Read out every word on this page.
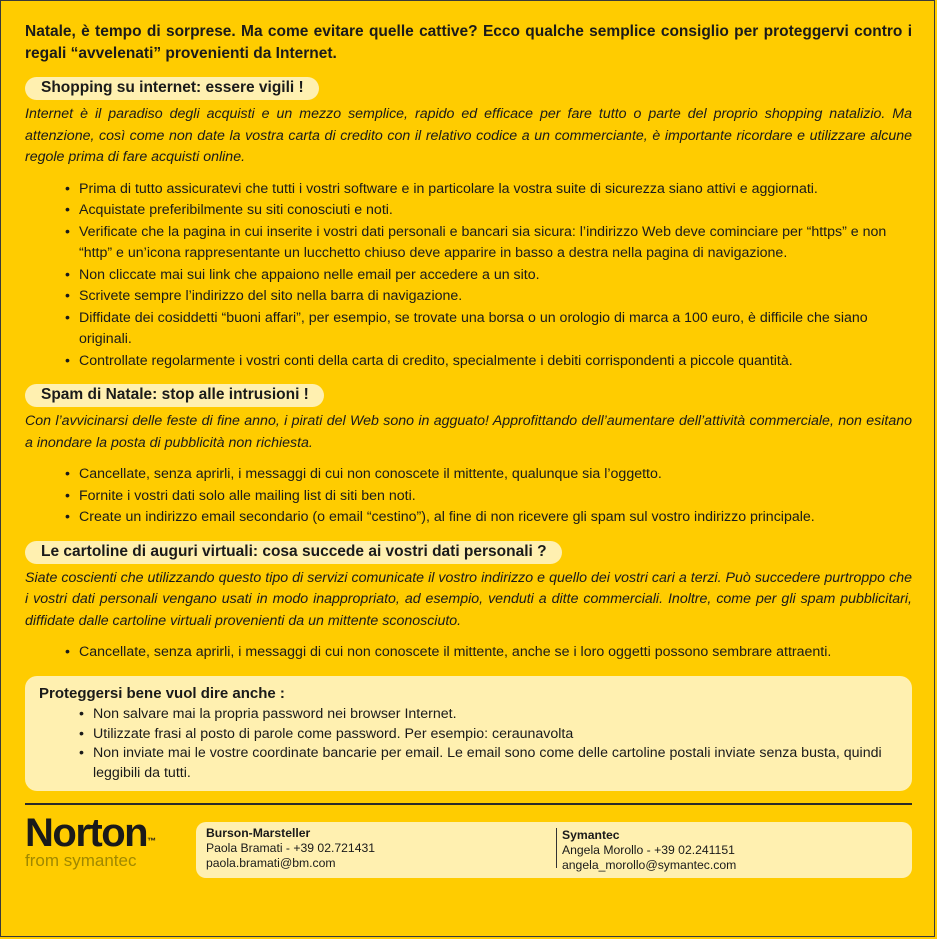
Natale, è tempo di sorprese. Ma come evitare quelle cattive? Ecco qualche semplice consiglio per proteggervi contro i regali “avvelenati” provenienti da Internet.

Shopping su internet: essere vigili !

Internet è il paradiso degli acquisti e un mezzo semplice, rapido ed efficace per fare tutto o parte del proprio shopping natalizio. Ma attenzione, così come non date la vostra carta di credito con il relativo codice a un commerciante, è importante ricordare e utilizzare alcune regole prima di fare acquisti online.

• Prima di tutto assicuratevi che tutti i vostri software e in particolare la vostra suite di sicurezza siano attivi e aggiornati.
• Acquistate preferibilmente su siti conosciuti e noti.
• Verificate che la pagina in cui inserite i vostri dati personali e bancari sia sicura: l’indirizzo Web deve cominciare per “https” e non “http” e un’icona rappresentante un lucchetto chiuso deve apparire in basso a destra nella pagina di navigazione.
• Non cliccate mai sui link che appaiono nelle email per accedere a un sito.
• Scrivete sempre l’indirizzo del sito nella barra di navigazione.
• Diffidate dei cosiddetti “buoni affari”, per esempio, se trovate una borsa o un orologio di marca a 100 euro, è difficile che siano originali.
• Controllate regolarmente i vostri conti della carta di credito, specialmente i debiti corrispondenti a piccole quantità.
Spam di Natale: stop alle intrusioni !

Con l’avvicinarsi delle feste di fine anno, i pirati del Web sono in agguato! Approfittando dell’aumentare dell’attività commerciale, non esitano a inondare la posta di pubblicità non richiesta.

• Cancellate, senza aprirli, i messaggi di cui non conoscete il mittente, qualunque sia l’oggetto.
• Fornite i vostri dati solo alle mailing list di siti ben noti.
• Create un indirizzo email secondario (o email “cestino”), al fine di non ricevere gli spam sul vostro indirizzo principale.
Le cartoline di auguri virtuali: cosa succede ai vostri dati personali ?

Siate coscienti che utilizzando questo tipo di servizi comunicate il vostro indirizzo e quello dei vostri cari a terzi. Può succedere purtroppo che i vostri dati personali vengano usati in modo inappropriato, ad esempio, venduti a ditte commerciali. Inoltre, come per gli spam pubblicitari, diffidate dalle cartoline virtuali provenienti da un mittente sconosciuto.

• Cancellate, senza aprirli, i messaggi di cui non conoscete il mittente, anche se i loro oggetti possono sembrare attraenti.
Proteggersi bene vuol dire anche :
• Non salvare mai la propria password nei browser Internet.
• Utilizzate frasi al posto di parole come password. Per esempio: ceraunavolta
• Non inviate mai le vostre coordinate bancarie per email. Le email sono come delle cartoline postali inviate senza busta, quindi leggibili da tutti.
Norton™
from symantec
Burson-Marsteller
Paola Bramati - +39 02.721431
paola.bramati@bm.com
Symantec
Angela Morollo - +39 02.241151
angela_morollo@symantec.com
